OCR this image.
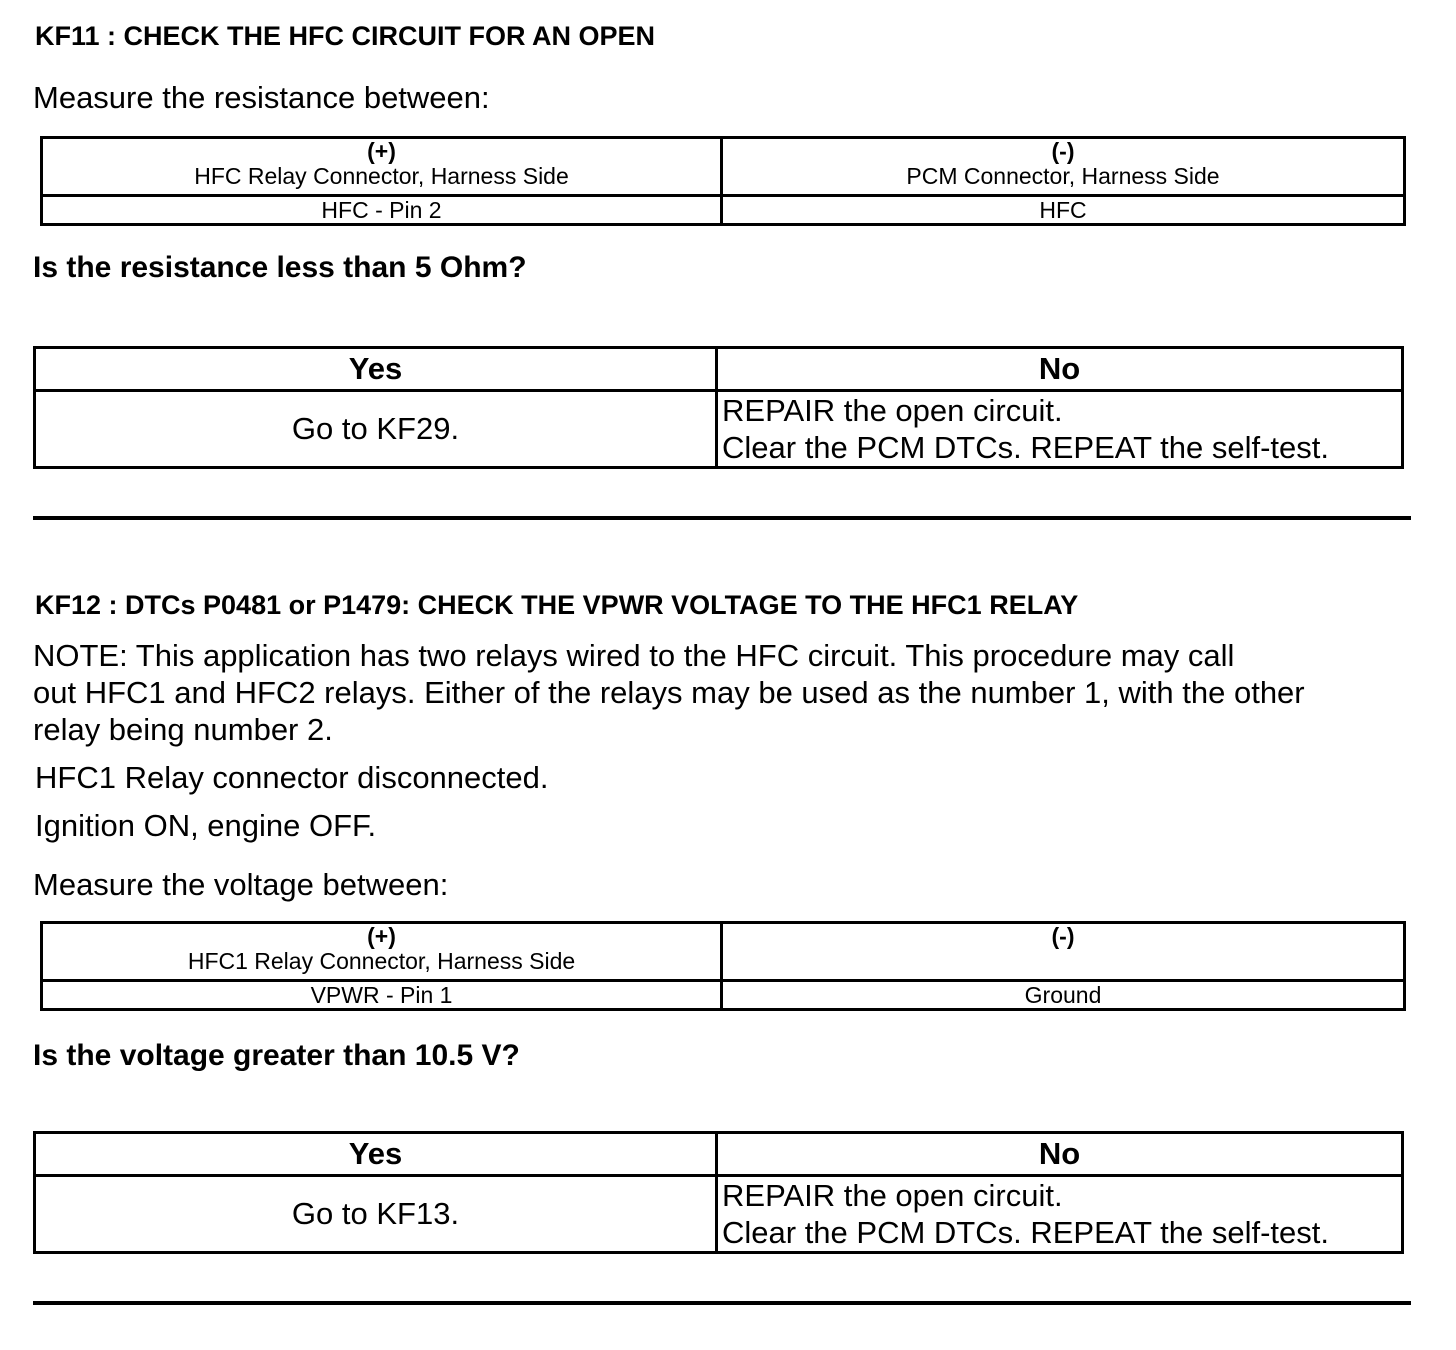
KF11 : CHECK THE HFC CIRCUIT FOR AN OPEN
Measure the resistance between:
(+)
HFC Relay Connector, Harness Side	(-)
PCM Connector, Harness Side

HFC - Pin 2	HFC
Is the resistance less than 5 Ohm?
Yes	No
Go to KF29.	REPAIR the open circuit.
Clear the PCM DTCs. REPEAT the self-test.
KF12 : DTCs P0481 or P1479: CHECK THE VPWR VOLTAGE TO THE HFC1 RELAY
NOTE: This application has two relays wired to the HFC circuit. This procedure may call
out HFC1 and HFC2 relays. Either of the relays may be used as the number 1, with the other
relay being number 2.
HFC1 Relay connector disconnected.
Ignition ON, engine OFF.
Measure the voltage between:
(+)
HFC1 Relay Connector, Harness Side	(-)

VPWR - Pin 1	Ground
Is the voltage greater than 10.5 V?
Yes	No
Go to KF13.	REPAIR the open circuit.
Clear the PCM DTCs. REPEAT the self-test.
